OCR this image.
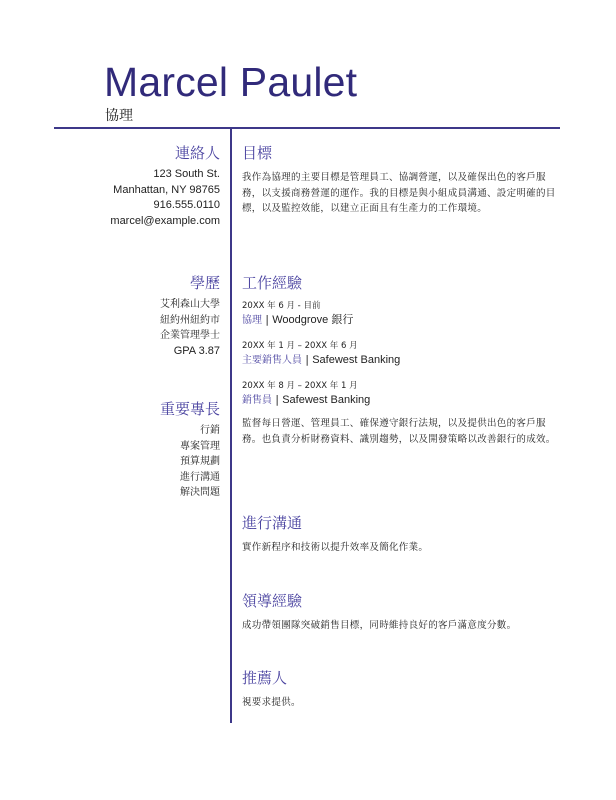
Marcel Paulet
協理
連絡人
123 South St.
Manhattan, NY 98765
916.555.0110
marcel@example.com
學歷
艾利森山大學
紐約州紐約市
企業管理學士
GPA 3.87
重要專長
行銷
專案管理
預算規劃
進行溝通
解決問題
目標
我作為協理的主要目標是管理員工、協調營運，以及確保出色的客戶服務，以支援商務營運的運作。我的目標是與小組成員溝通、設定明確的目標，以及監控效能，以建立正面且有生產力的工作環境。
工作經驗
20XX 年 6 月 - 目前
協理 | Woodgrove 銀行
20XX 年 1 月 – 20XX 年 6 月
主要銷售人員 | Safewest Banking
20XX 年 8 月 – 20XX 年 1 月
銷售員 | Safewest Banking
監督每日營運、管理員工、確保遵守銀行法規，以及提供出色的客戶服務。也負責分析財務資料、識別趨勢，以及開發策略以改善銀行的成效。
進行溝通
實作新程序和技術以提升效率及簡化作業。
領導經驗
成功帶領團隊突破銷售目標，同時維持良好的客戶滿意度分數。
推薦人
視要求提供。
